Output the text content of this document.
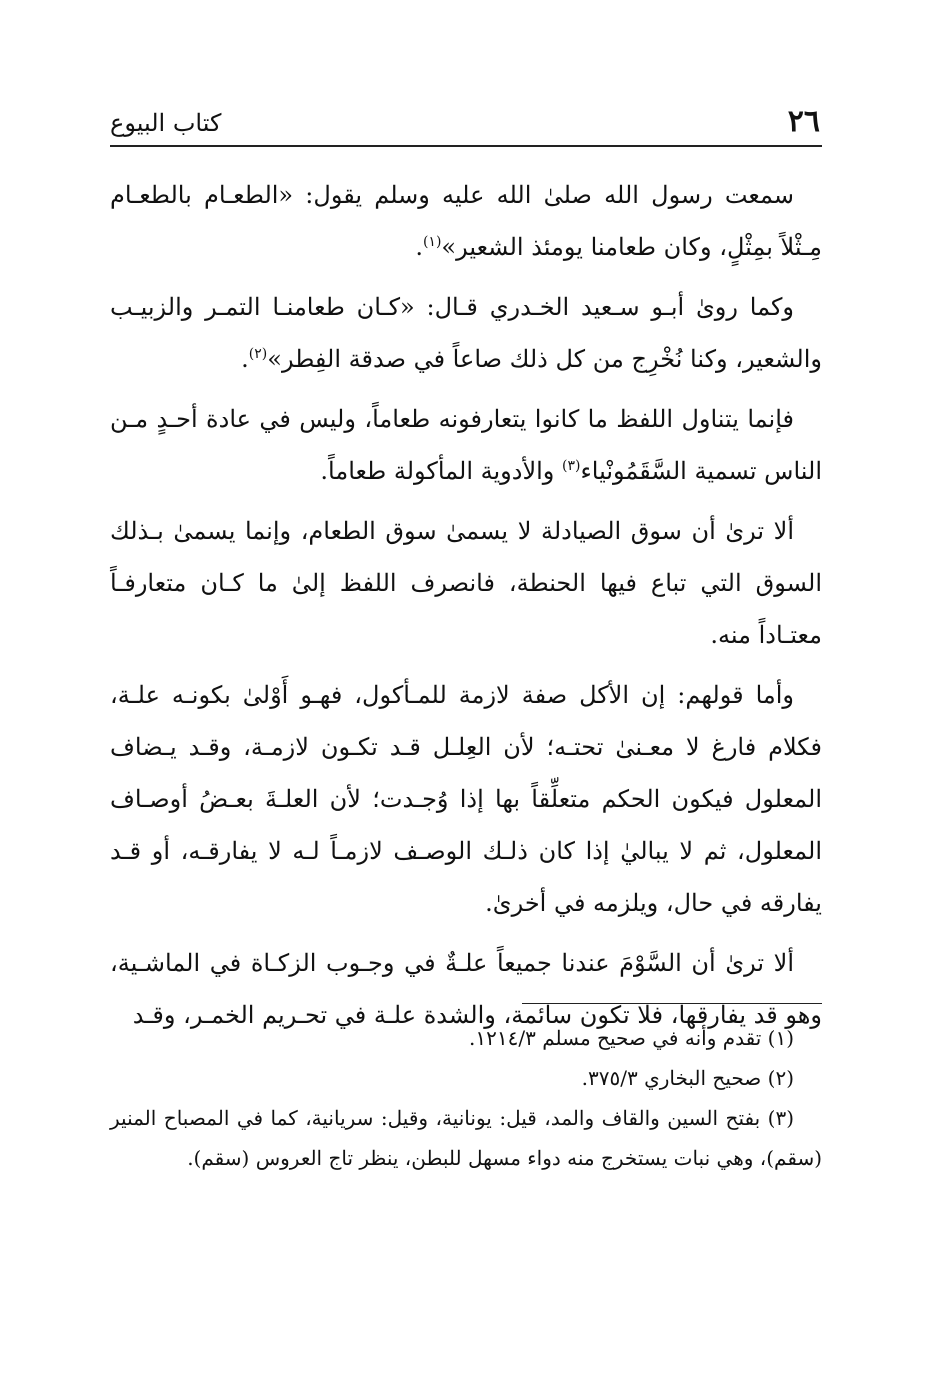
٢٦
كتاب البيوع

سمعت رسول الله صلىٰ الله عليه وسلم يقول: «الطعـام بالطعـام مِـثْلاً بمِثْلٍ، وكان طعامنا يومئذ الشعير»$^{(١)}$.

وكما روىٰ أبـو سـعيد الخـدري قـال: «كـان طعامنـا التمـر والزبيـب والشعير، وكنا نُخْرِج من كل ذلك صاعاً في صدقة الفِطر»$^{(٢)}$.

فإنما يتناول اللفظ ما كانوا يتعارفونه طعاماً، وليس في عادة أحـدٍ مـن الناس تسمية السَّقَمُونْياء$^{(٣)}$ والأدوية المأكولة طعاماً.

ألا ترىٰ أن سوق الصيادلة لا يسمىٰ سوق الطعام، وإنما يسمىٰ بـذلك السوق التي تباع فيها الحنطة، فانصرف اللفظ إلىٰ ما كـان متعارفـاً معتـاداً منه.

وأما قولهم: إن الأكل صفة لازمة للمـأكول، فهـو أَوْلىٰ بكونـه علـة، فكلام فارغ لا معـنىٰ تحتـه؛ لأن العِلـل قـد تكـون لازمـة، وقـد يـضاف المعلول فيكون الحكم متعلِّقاً بها إذا وُجـدت؛ لأن العلـةَ بعـضُ أوصـاف المعلول، ثم لا يباليٰ إذا كان ذلـك الوصـف لازمـاً لـه لا يفارقـه، أو قـد يفارقه في حال، ويلزمه في أخرىٰ.

ألا ترىٰ أن السَّوْمَ عندنا جميعاً علـةٌ في وجـوب الزكـاة في الماشـية، وهو قد يفارقها، فلا تكون سائمة، والشدة علـة في تحـريم الخمـر، وقـد

(١) تقدم وأنه في صحيح مسلم ١٢١٤/٣.

(٢) صحيح البخاري ٣٧٥/٣.

(٣) بفتح السين والقاف والمد، قيل: يونانية، وقيل: سريانية، كما في المصباح المنير (سقم)، وهي نبات يستخرج منه دواء مسهل للبطن، ينظر تاج العروس (سقم).
